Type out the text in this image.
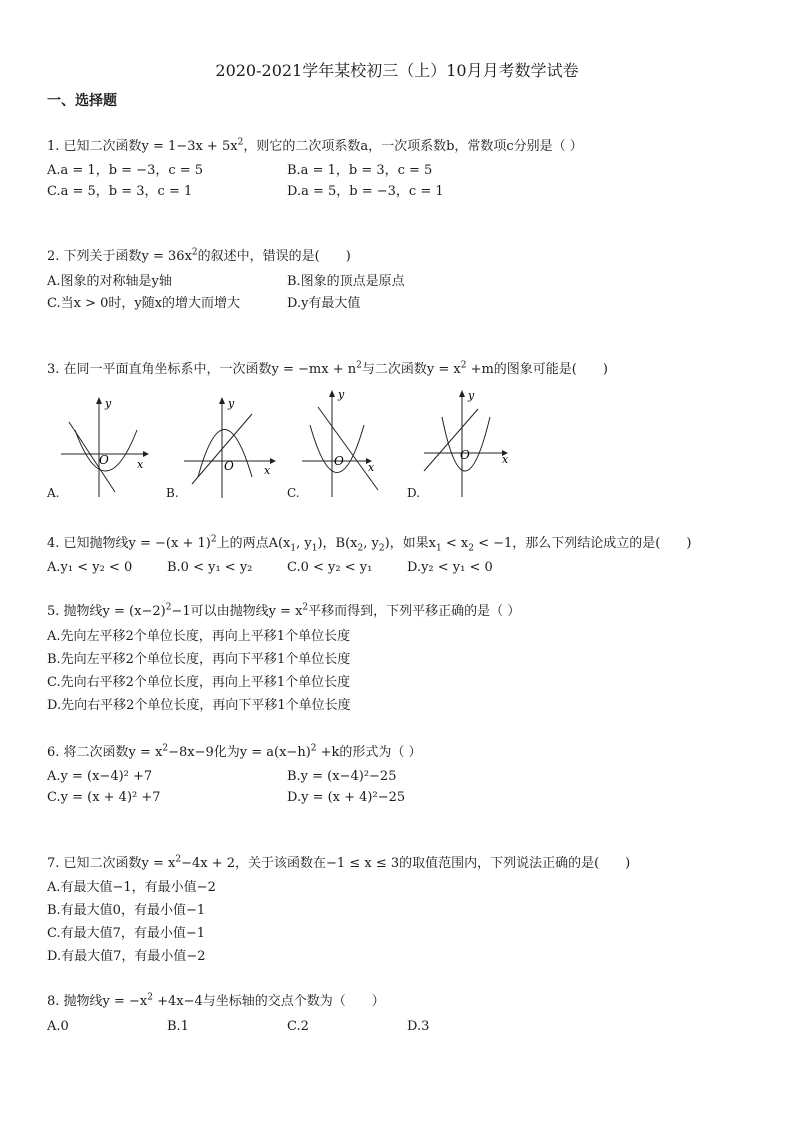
2020-2021学年某校初三（上）10月月考数学试卷
一、选择题
1. 已知二次函数$y = 1-3x + 5x^2$，则它的二次项系数a，一次项系数b，常数项c分别是（ ）
A.a = 1，b = −3，c = 5	B.a = 1，b = 3，c = 5
C.a = 5，b = 3，c = 1	D.a = 5，b = −3，c = 1
2. 下列关于函数$y = 36x^2$的叙述中，错误的是(　　)
A.图象的对称轴是y轴	B.图象的顶点是原点
C.当x > 0时，y随x的增大而增大	D.y有最大值
3. 在同一平面直角坐标系中，一次函数$y = -mx + n^2$与二次函数$y = x^2 +m$的图象可能是(　　)
y
x
O
A.
y
x
O
B.
y
x
O
C.
y
x
O
D.
4. 已知抛物线$y = -(x + 1)^2$上的两点$A(x_1$, $y_1$)，$B(x_2$, $y_2$)，如果$x_1 < x_2 < -1$，那么下列结论成立的是(　　)
A.y₁ < y₂ < 0	B.0 < y₁ < y₂	C.0 < y₂ < y₁	D.y₂ < y₁ < 0
5. 抛物线$y = (x-2)^2-1$可以由抛物线$y = x^2$平移而得到，下列平移正确的是（ ）
A.先向左平移2个单位长度，再向上平移1个单位长度
B.先向左平移2个单位长度，再向下平移1个单位长度
C.先向右平移2个单位长度，再向上平移1个单位长度
D.先向右平移2个单位长度，再向下平移1个单位长度
6. 将二次函数$y = x^2-8x-9$化为$y = a(x-h)^2 +k$的形式为（ ）
A.y = (x−4)² +7	B.y = (x−4)²−25
C.y = (x + 4)² +7	D.y = (x + 4)²−25
7. 已知二次函数$y = x^2-4x + 2$，关于该函数在−1 ≤ x ≤ 3的取值范围内，下列说法正确的是(　　)
A.有最大值−1，有最小值−2
B.有最大值0，有最小值−1
C.有最大值7，有最小值−1
D.有最大值7，有最小值−2
8. 抛物线$y = -x^2 +4x-4$与坐标轴的交点个数为（　　）
A.0	B.1	C.2	D.3
